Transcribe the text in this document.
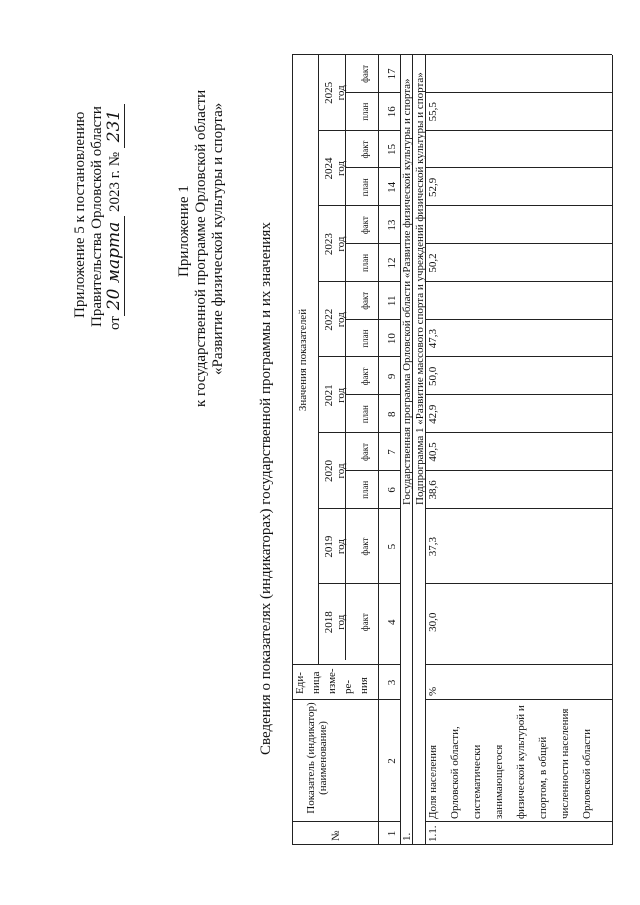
Приложение 5 к постановлению Правительства Орловской области от20 марта 2023 г. № 231
Приложение 1 к государственной программе Орловской области «Развитие физической культуры и спорта» Сведения о показателях (индикаторах) государственной программы и их значениях
№
Показатель (индикатор) (наименование)
Еди- ница изме- ре- ния
Значения показателей
2018 год
2019 год
2020 год
2021 год
2022 год
2023 год
2024 год
2025 год
факт
факт
план
факт
план
факт
план
факт
план
факт
план
факт
план
факт
1
2
3
4
5
6
7
8
9
10
11
12
13
14
15
16
17
1.
Государственная программа Орловской области «Развитие физической культуры и спорта» Подпрограмма 1 «Развитие массового спорта и учреждений физической культуры и спорта»
1.1.
Доля населения Орловской области, систематически занимающегося физической культурой и спортом, в общей численности населения Орловской области
%
30,0
37,3
38,6
40,5
42,9
50,0
47,3
50,2
52,9
55,5
